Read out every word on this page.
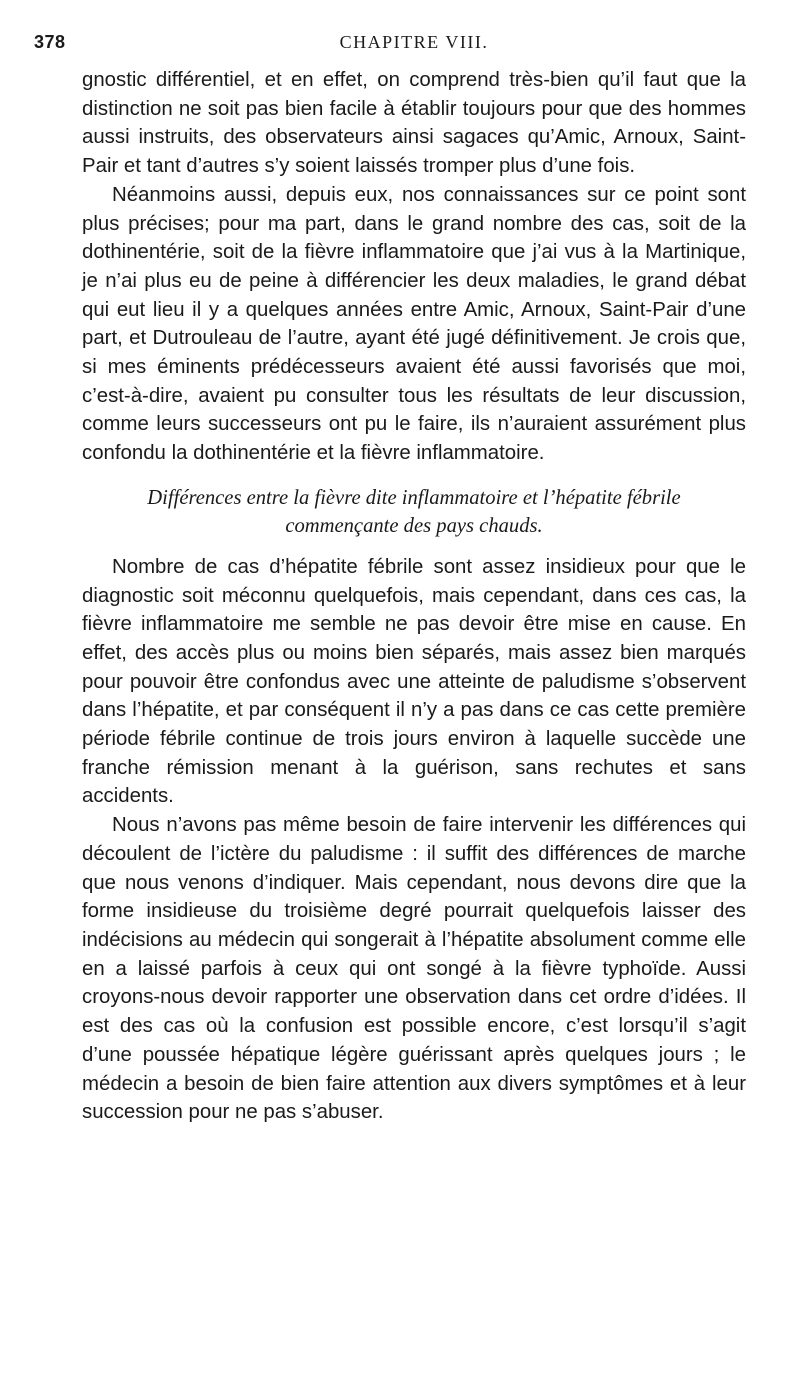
378	CHAPITRE VIII.

gnostic différentiel, et en effet, on comprend très-bien qu’il faut que la distinction ne soit pas bien facile à établir toujours pour que des hommes aussi instruits, des observateurs ainsi sagaces qu’Amic, Arnoux, Saint-Pair et tant d’autres s’y soient laissés tromper plus d’une fois.

Néanmoins aussi, depuis eux, nos connaissances sur ce point sont plus précises; pour ma part, dans le grand nombre des cas, soit de la dothinentérie, soit de la fièvre inflammatoire que j’ai vus à la Martinique, je n’ai plus eu de peine à différencier les deux maladies, le grand débat qui eut lieu il y a quelques années entre Amic, Arnoux, Saint-Pair d’une part, et Dutrouleau de l’autre, ayant été jugé définitivement. Je crois que, si mes éminents prédécesseurs avaient été aussi favorisés que moi, c’est-à-dire, avaient pu consulter tous les résultats de leur discussion, comme leurs successeurs ont pu le faire, ils n’auraient assurément plus confondu la dothinentérie et la fièvre inflammatoire.

Différences entre la fièvre dite inflammatoire et l’hépatite fébrile
commençante des pays chauds.

Nombre de cas d’hépatite fébrile sont assez insidieux pour que le diagnostic soit méconnu quelquefois, mais cependant, dans ces cas, la fièvre inflammatoire me semble ne pas devoir être mise en cause. En effet, des accès plus ou moins bien séparés, mais assez bien marqués pour pouvoir être confondus avec une atteinte de paludisme s’observent dans l’hépatite, et par conséquent il n’y a pas dans ce cas cette première période fébrile continue de trois jours environ à laquelle succède une franche rémission menant à la guérison, sans rechutes et sans accidents.

Nous n’avons pas même besoin de faire intervenir les différences qui découlent de l’ictère du paludisme : il suffit des différences de marche que nous venons d’indiquer. Mais cependant, nous devons dire que la forme insidieuse du troisième degré pourrait quelquefois laisser des indécisions au médecin qui songerait à l’hépatite absolument comme elle en a laissé parfois à ceux qui ont songé à la fièvre typhoïde. Aussi croyons-nous devoir rapporter une observation dans cet ordre d’idées. Il est des cas où la confusion est possible encore, c’est lorsqu’il s’agit d’une poussée hépatique légère guérissant après quelques jours ; le médecin a besoin de bien faire attention aux divers symptômes et à leur succession pour ne pas s’abuser.
